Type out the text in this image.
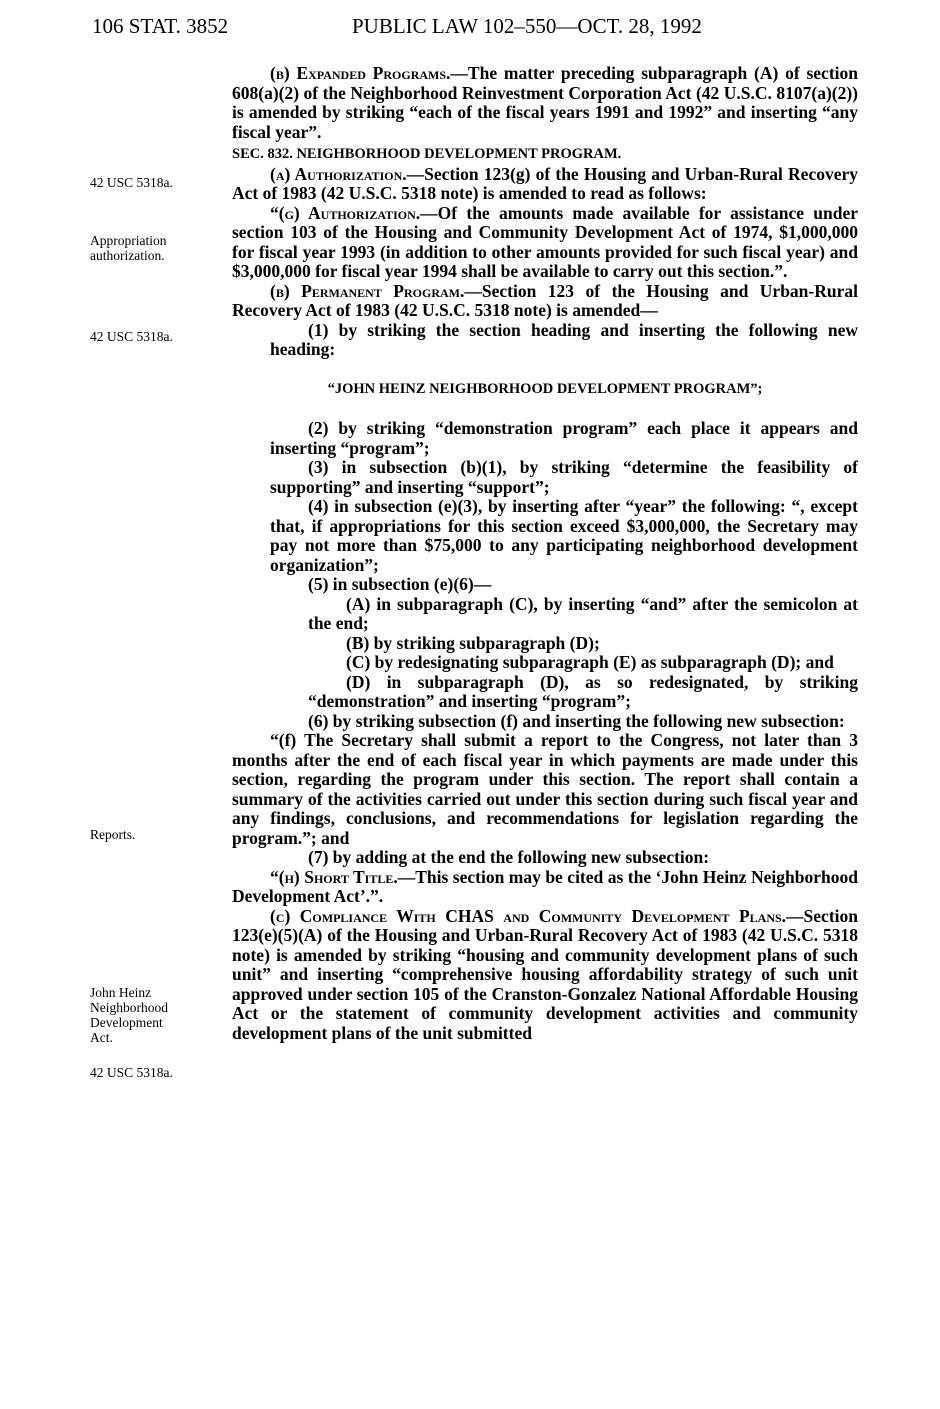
106 STAT. 3852	PUBLIC LAW 102–550—OCT. 28, 1992
42 USC 5318a.
Appropriation
authorization.
42 USC 5318a.
Reports.
John Heinz
Neighborhood
Development
Act.
42 USC 5318a.

(b) Expanded Programs.—The matter preceding subparagraph (A) of section 608(a)(2) of the Neighborhood Reinvestment Corporation Act (42 U.S.C. 8107(a)(2)) is amended by striking “each of the fiscal years 1991 and 1992” and inserting “any fiscal year”.

SEC. 832. NEIGHBORHOOD DEVELOPMENT PROGRAM.

(a) Authorization.—Section 123(g) of the Housing and Urban-Rural Recovery Act of 1983 (42 U.S.C. 5318 note) is amended to read as follows:

“(g) Authorization.—Of the amounts made available for assistance under section 103 of the Housing and Community Development Act of 1974, $1,000,000 for fiscal year 1993 (in addition to other amounts provided for such fiscal year) and $3,000,000 for fiscal year 1994 shall be available to carry out this section.”.

(b) Permanent Program.—Section 123 of the Housing and Urban-Rural Recovery Act of 1983 (42 U.S.C. 5318 note) is amended—

(1) by striking the section heading and inserting the following new heading:

“JOHN HEINZ NEIGHBORHOOD DEVELOPMENT PROGRAM”;

(2) by striking “demonstration program” each place it appears and inserting “program”;

(3) in subsection (b)(1), by striking “determine the feasibility of supporting” and inserting “support”;

(4) in subsection (e)(3), by inserting after “year” the following: “, except that, if appropriations for this section exceed $3,000,000, the Secretary may pay not more than $75,000 to any participating neighborhood development organization”;

(5) in subsection (e)(6)—

(A) in subparagraph (C), by inserting “and” after the semicolon at the end;

(B) by striking subparagraph (D);

(C) by redesignating subparagraph (E) as subparagraph (D); and

(D) in subparagraph (D), as so redesignated, by striking “demonstration” and inserting “program”;

(6) by striking subsection (f) and inserting the following new subsection:

“(f) The Secretary shall submit a report to the Congress, not later than 3 months after the end of each fiscal year in which payments are made under this section, regarding the program under this section. The report shall contain a summary of the activities carried out under this section during such fiscal year and any findings, conclusions, and recommendations for legislation regarding the program.”; and

(7) by adding at the end the following new subsection:

“(h) Short Title.—This section may be cited as the ‘John Heinz Neighborhood Development Act’.”.

(c) Compliance With CHAS and Community Development Plans.—Section 123(e)(5)(A) of the Housing and Urban-Rural Recovery Act of 1983 (42 U.S.C. 5318 note) is amended by striking “housing and community development plans of such unit” and inserting “comprehensive housing affordability strategy of such unit approved under section 105 of the Cranston-Gonzalez National Affordable Housing Act or the statement of community development activities and community development plans of the unit submitted
